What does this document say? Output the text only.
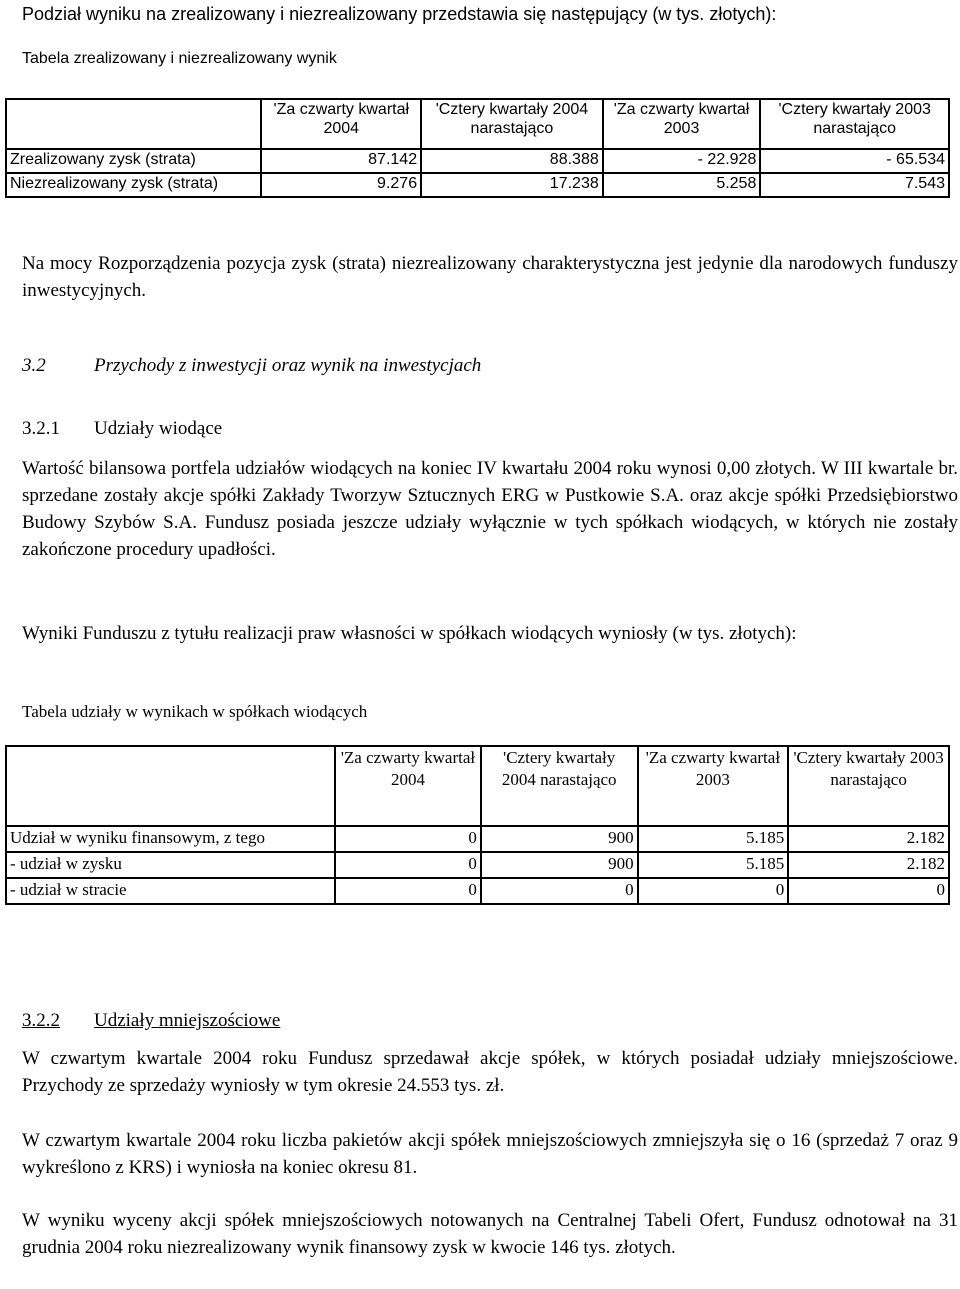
Podział wyniku na zrealizowany i niezrealizowany przedstawia się następujący (w tys. złotych):
Tabela zrealizowany i niezrealizowany wynik
	'Za czwarty kwartał 2004	'Cztery kwartały 2004 narastająco	'Za czwarty kwartał 2003	'Cztery kwartały 2003 narastająco
Zrealizowany zysk (strata)	87.142	88.388	- 22.928	- 65.534
Niezrealizowany zysk (strata)	9.276	17.238	5.258	7.543
Na mocy Rozporządzenia pozycja zysk (strata) niezrealizowany charakterystyczna jest jedynie dla narodowych funduszy inwestycyjnych.
3.2	Przychody z inwestycji oraz wynik na inwestycjach
3.2.1 Udziały wiodące
Wartość bilansowa portfela udziałów wiodących na koniec IV kwartału 2004 roku wynosi 0,00 złotych. W III kwartale br. sprzedane zostały akcje spółki Zakłady Tworzyw Sztucznych ERG w Pustkowie S.A. oraz akcje spółki Przedsiębiorstwo Budowy Szybów S.A. Fundusz posiada jeszcze udziały wyłącznie w tych spółkach wiodących, w których nie zostały zakończone procedury upadłości.
Wyniki Funduszu z tytułu realizacji praw własności w spółkach wiodących wyniosły (w tys. złotych):
Tabela udziały w wynikach w spółkach wiodących
	'Za czwarty kwartał 2004	'Cztery kwartały 2004 narastająco	'Za czwarty kwartał 2003	'Cztery kwartały 2003 narastająco
Udział w wyniku finansowym, z tego	0	900	5.185	2.182
- udział w zysku	0	900	5.185	2.182
- udział w stracie	0	0	0	0
3.2.2 Udziały mniejszościowe
W czwartym kwartale 2004 roku Fundusz sprzedawał akcje spółek, w których posiadał udziały mniejszościowe. Przychody ze sprzedaży wyniosły w tym okresie 24.553 tys. zł.
W czwartym kwartale 2004 roku liczba pakietów akcji spółek mniejszościowych zmniejszyła się o 16 (sprzedaż 7 oraz 9 wykreślono z KRS) i wyniosła na koniec okresu 81.
W wyniku wyceny akcji spółek mniejszościowych notowanych na Centralnej Tabeli Ofert, Fundusz odnotował na 31 grudnia 2004 roku niezrealizowany wynik finansowy zysk w kwocie 146 tys. złotych.
